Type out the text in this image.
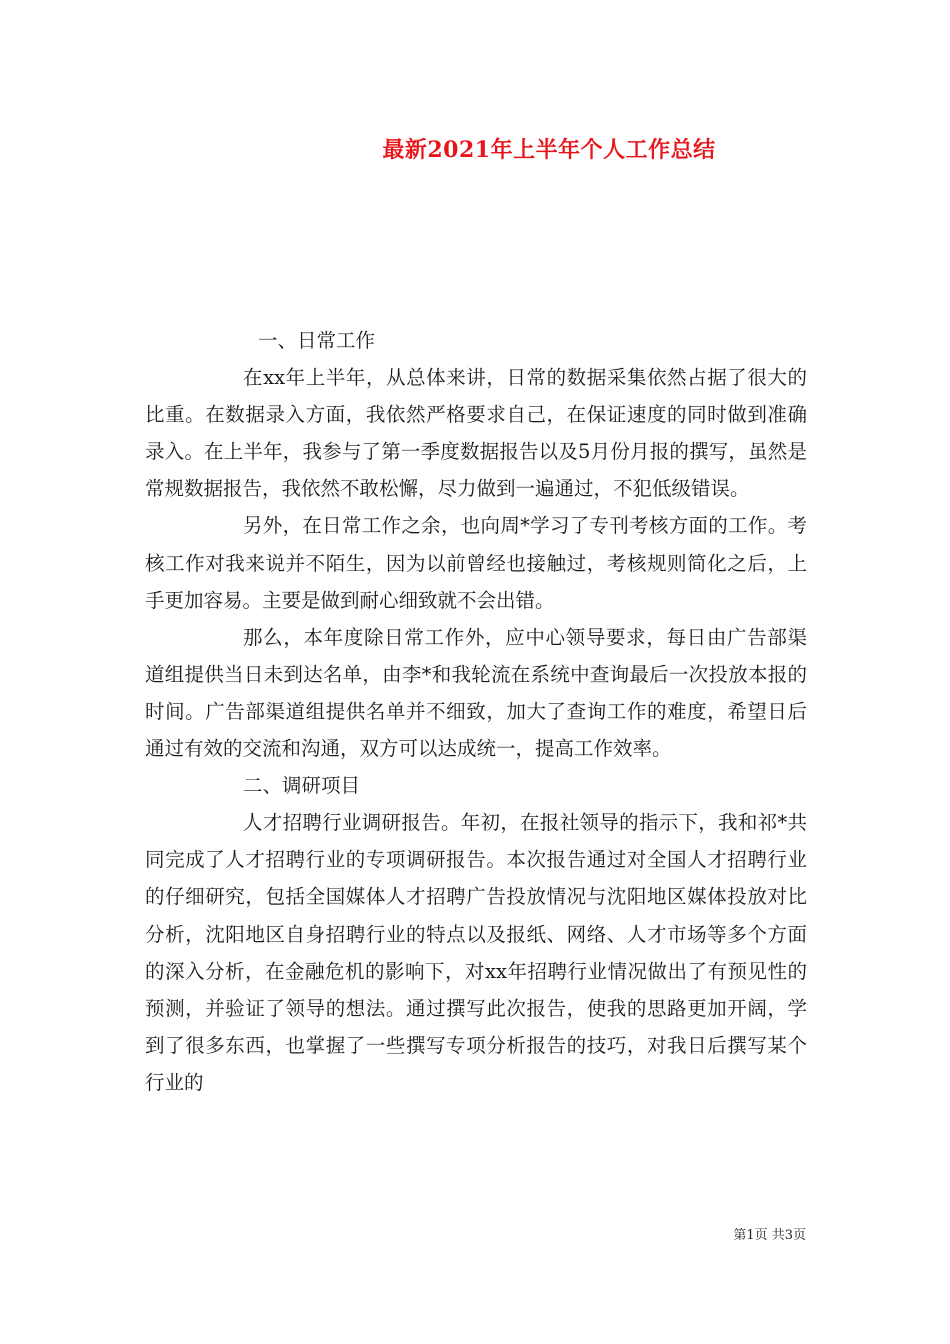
最新2021年上半年个人工作总结

一、日常工作

在xx年上半年，从总体来讲，日常的数据采集依然占据了很大的比重。在数据录入方面，我依然严格要求自己，在保证速度的同时做到准确录入。在上半年，我参与了第一季度数据报告以及5月份月报的撰写，虽然是常规数据报告，我依然不敢松懈，尽力做到一遍通过，不犯低级错误。

另外，在日常工作之余，也向周*学习了专刊考核方面的工作。考核工作对我来说并不陌生，因为以前曾经也接触过，考核规则简化之后，上手更加容易。主要是做到耐心细致就不会出错。

那么，本年度除日常工作外，应中心领导要求，每日由广告部渠道组提供当日未到达名单，由李*和我轮流在系统中查询最后一次投放本报的时间。广告部渠道组提供名单并不细致，加大了查询工作的难度，希望日后通过有效的交流和沟通，双方可以达成统一，提高工作效率。

二、调研项目

人才招聘行业调研报告。年初，在报社领导的指示下，我和祁*共同完成了人才招聘行业的专项调研报告。本次报告通过对全国人才招聘行业的仔细研究，包括全国媒体人才招聘广告投放情况与沈阳地区媒体投放对比分析，沈阳地区自身招聘行业的特点以及报纸、网络、人才市场等多个方面的深入分析，在金融危机的影响下，对xx年招聘行业情况做出了有预见性的预测，并验证了领导的想法。通过撰写此次报告，使我的思路更加开阔，学到了很多东西，也掌握了一些撰写专项分析报告的技巧，对我日后撰写某个行业的

第1页 共3页
